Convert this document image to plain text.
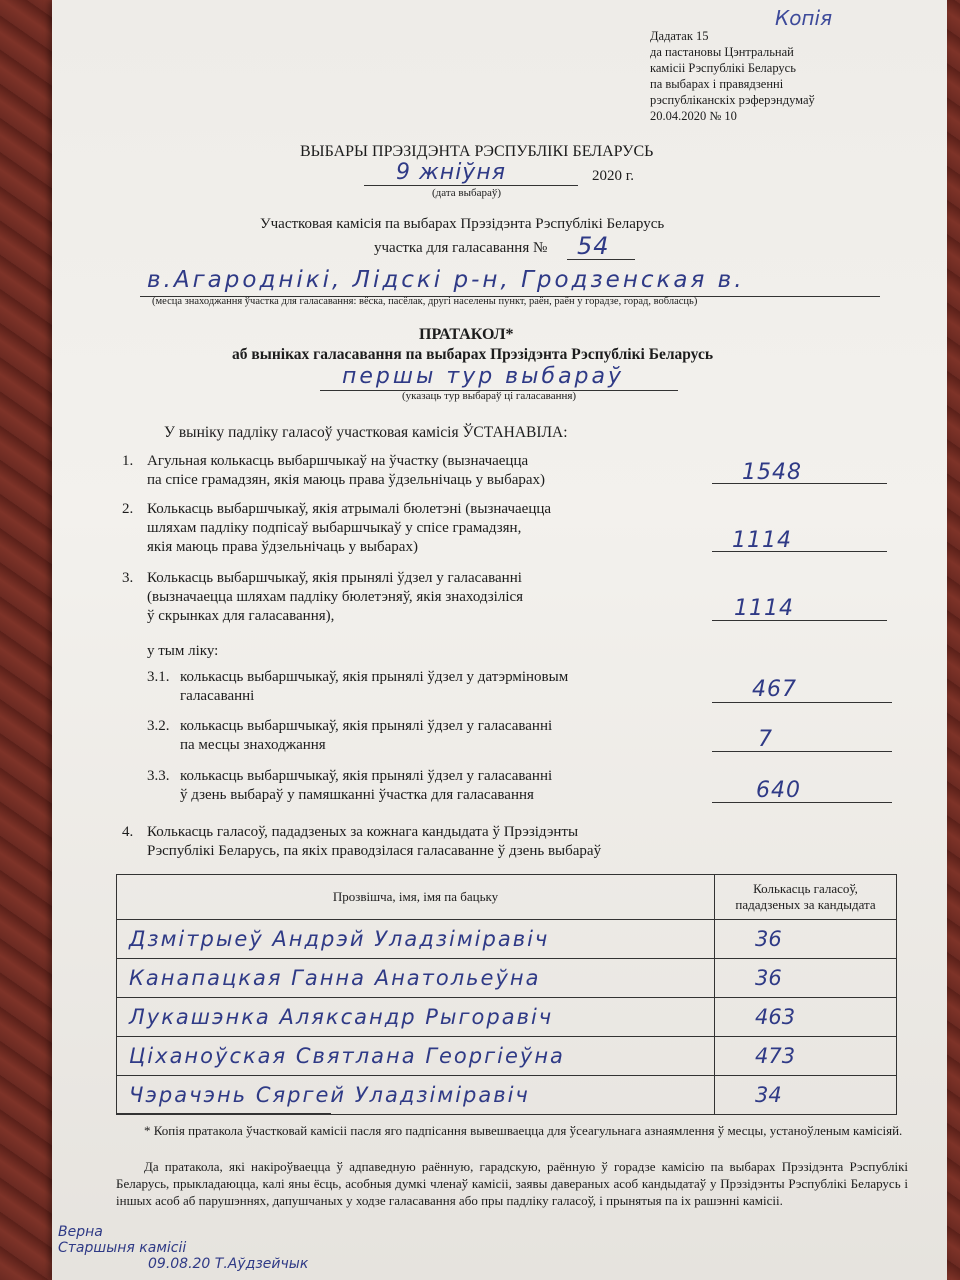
Копія
Дадатак 15
да пастановы Цэнтральнай
камісіі Рэспублікі Беларусь
па выбарах і правядзенні
рэспубліканскіх рэферэндумаў
20.04.2020 № 10
ВЫБАРЫ ПРЭЗІДЭНТА РЭСПУБЛІКІ БЕЛАРУСЬ
9 жніўня	2020 г.
(дата выбараў)
Участковая камісія па выбарах Прэзідэнта Рэспублікі Беларусь
участка для галасавання № 54
в.Агароднікі, Лідскі р-н, Гродзенская в.
(месца знаходжання ўчастка для галасавання: вёска, пасёлак, другі населены пункт, раён, раён у горадзе, горад, вобласць)
ПРАТАКОЛ*
аб выніках галасавання па выбарах Прэзідэнта Рэспублікі Беларусь
першы тур выбараў
(указаць тур выбараў ці галасавання)
У выніку падліку галасоў участковая камісія ЎСТАНАВІЛА:
1. Агульная колькасць выбаршчыкаў на ўчастку (вызначаецца
па спісе грамадзян, якія маюць права ўдзельнічаць у выбарах)	1548
2. Колькасць выбаршчыкаў, якія атрымалі бюлетэні (вызначаецца
шляхам падліку подпісаў выбаршчыкаў у спісе грамадзян,
якія маюць права ўдзельнічаць у выбарах)	1114
3. Колькасць выбаршчыкаў, якія прынялі ўдзел у галасаванні
(вызначаецца шляхам падліку бюлетэняў, якія знаходзіліся
ў скрынках для галасавання),	1114
у тым ліку:
3.1. колькасць выбаршчыкаў, якія прынялі ўдзел у датэрміновым
галасаванні	467
3.2. колькасць выбаршчыкаў, якія прынялі ўдзел у галасаванні
па месцы знаходжання	7
3.3. колькасць выбаршчыкаў, якія прынялі ўдзел у галасаванні
ў дзень выбараў у памяшканні ўчастка для галасавання	640
4. Колькасць галасоў, пададзеных за кожнага кандыдата ў Прэзідэнты
Рэспублікі Беларусь, па якіх праводзілася галасаванне ў дзень выбараў
Прозвішча, імя, імя па бацьку	Колькасць галасоў,
пададзеных за кандыдата

Дзмітрыеў Андрэй Уладзіміравіч	36
Канапацкая Ганна Анатольеўна	36
Лукашэнка Аляксандр Рыгоравіч	463
Ціханоўская Святлана Георгіеўна	473
Чэрачэнь Сяргей Уладзіміравіч	34
* Копія пратакола ўчастковай камісіі пасля яго падпісання вывешваецца для ўсеагульнага азнаямлення ў месцы, устаноўленым камісіяй.
Да пратакола, які накіроўваецца ў адпаведную раённую, гарадскую, раённую ў горадзе камісію па выбарах Прэзідэнта Рэспублікі Беларусь, прыкладаюцца, калі яны ёсць, асобныя думкі членаў камісіі, заявы давераных асоб кандыдатаў у Прэзідэнты Рэспублікі Беларусь і іншых асоб аб парушэннях, дапушчаных у ходзе галасавання або пры падліку галасоў, і прынятыя па іх рашэнні камісіі.
Верна
Старшыня камісіі
09.08.20 Т.Аўдзейчык
